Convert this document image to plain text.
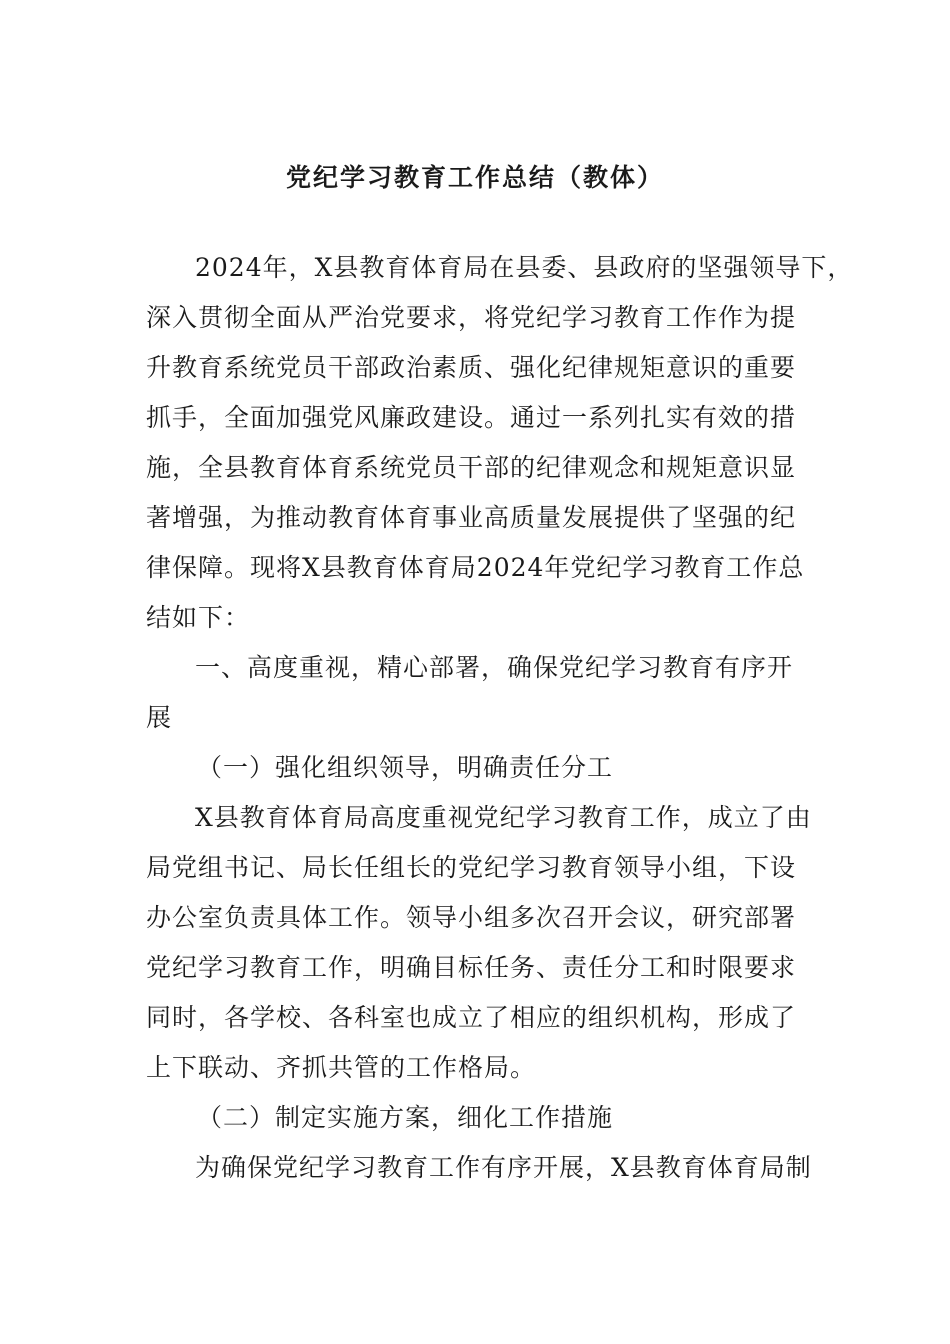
党纪学习教育工作总结（教体）

2024年，X县教育体育局在县委、县政府的坚强领导下，

深入贯彻全面从严治党要求，将党纪学习教育工作作为提

升教育系统党员干部政治素质、强化纪律规矩意识的重要

抓手，全面加强党风廉政建设。通过一系列扎实有效的措

施，全县教育体育系统党员干部的纪律观念和规矩意识显

著增强，为推动教育体育事业高质量发展提供了坚强的纪

律保障。现将X县教育体育局2024年党纪学习教育工作总

结如下：

一、高度重视，精心部署，确保党纪学习教育有序开

展

（一）强化组织领导，明确责任分工

X县教育体育局高度重视党纪学习教育工作，成立了由

局党组书记、局长任组长的党纪学习教育领导小组，下设

办公室负责具体工作。领导小组多次召开会议，研究部署

党纪学习教育工作，明确目标任务、责任分工和时限要求

同时，各学校、各科室也成立了相应的组织机构，形成了

上下联动、齐抓共管的工作格局。

（二）制定实施方案，细化工作措施

为确保党纪学习教育工作有序开展，X县教育体育局制
